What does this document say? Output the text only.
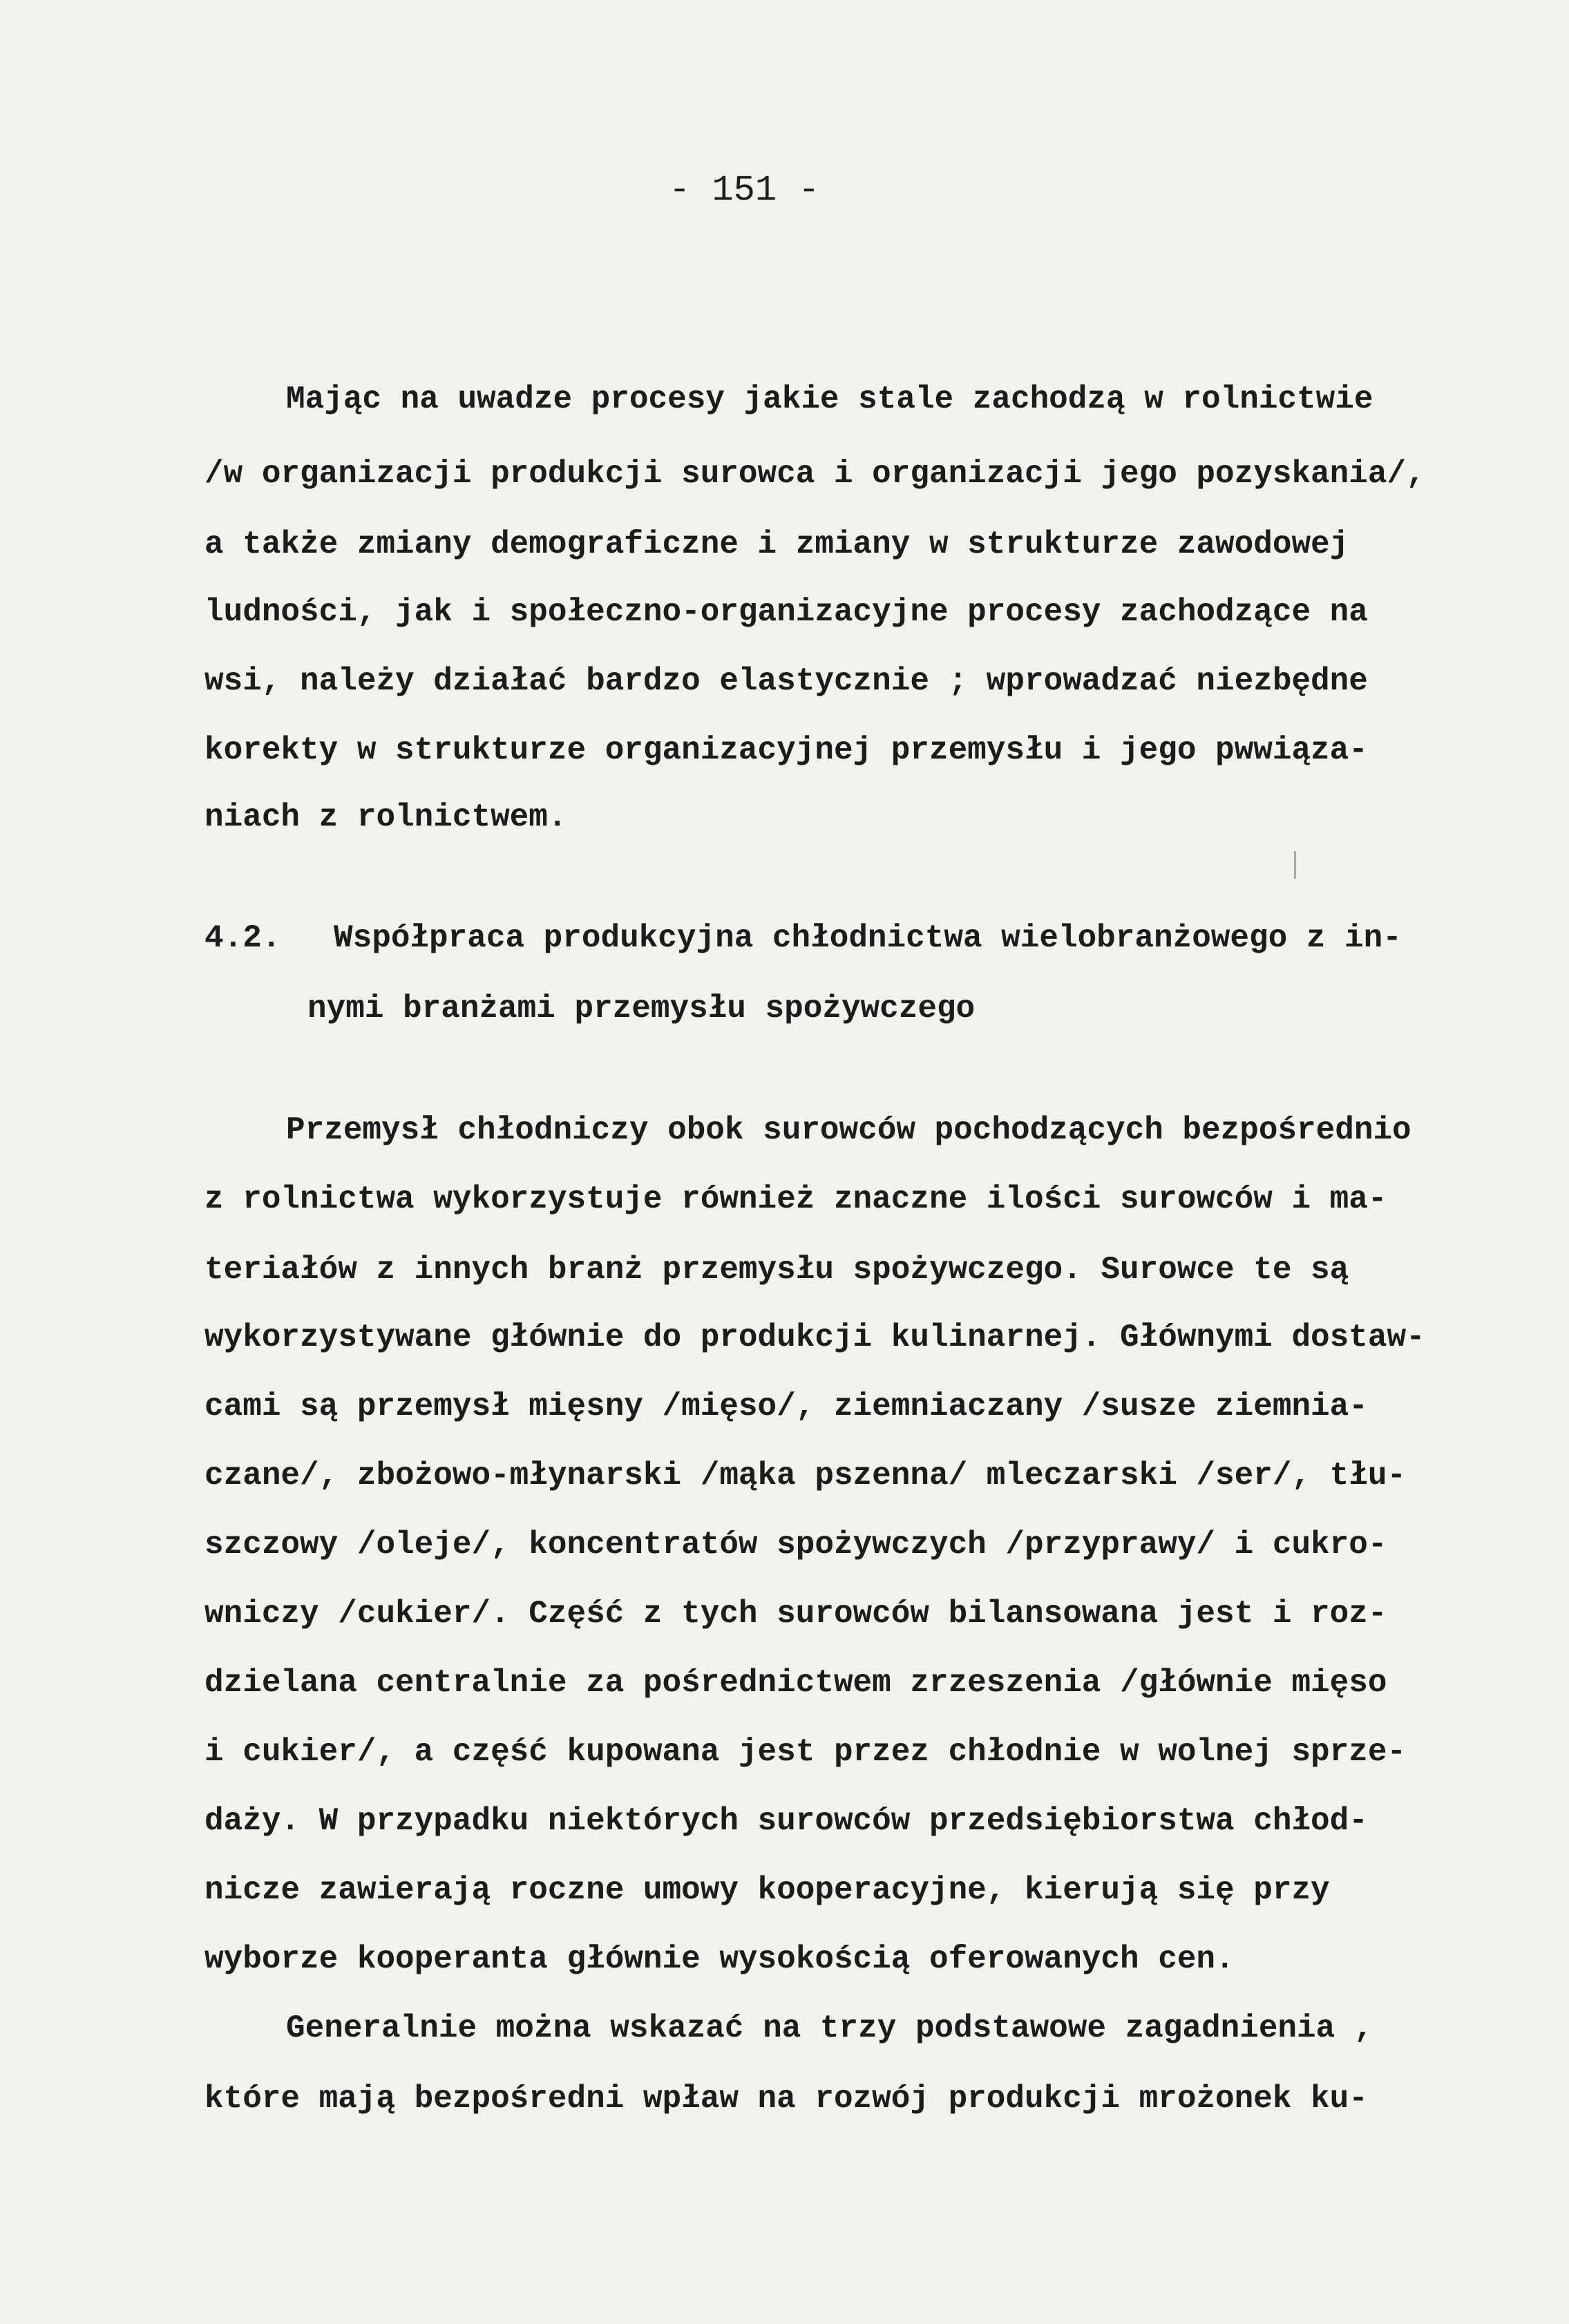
- 151 -
Mając na uwadze procesy jakie stale zachodzą w rolnictwie
/w organizacji produkcji surowca i organizacji jego pozyskania/,
a także zmiany demograficzne i zmiany w strukturze zawodowej
ludności, jak i społeczno-organizacyjne procesy zachodzące na
wsi, należy działać bardzo elastycznie ; wprowadzać niezbędne
korekty w strukturze organizacyjnej przemysłu i jego pwwiąza-
niach z rolnictwem.
4.2. Współpraca produkcyjna chłodnictwa wielobranżowego z in-
nymi branżami przemysłu spożywczego
Przemysł chłodniczy obok surowców pochodzących bezpośrednio
z rolnictwa wykorzystuje również znaczne ilości surowców i ma-
teriałów z innych branż przemysłu spożywczego. Surowce te są
wykorzystywane głównie do produkcji kulinarnej. Głównymi dostaw-
cami są przemysł mięsny /mięso/, ziemniaczany /susze ziemnia-
czane/, zbożowo-młynarski /mąka pszenna/ mleczarski /ser/, tłu-
szczowy /oleje/, koncentratów spożywczych /przyprawy/ i cukro-
wniczy /cukier/. Część z tych surowców bilansowana jest i roz-
dzielana centralnie za pośrednictwem zrzeszenia /głównie mięso
i cukier/, a część kupowana jest przez chłodnie w wolnej sprze-
daży. W przypadku niektórych surowców przedsiębiorstwa chłod-
nicze zawierają roczne umowy kooperacyjne, kierują się przy
wyborze kooperanta głównie wysokością oferowanych cen.
Generalnie można wskazać na trzy podstawowe zagadnienia ,
które mają bezpośredni wpław na rozwój produkcji mrożonek ku-
